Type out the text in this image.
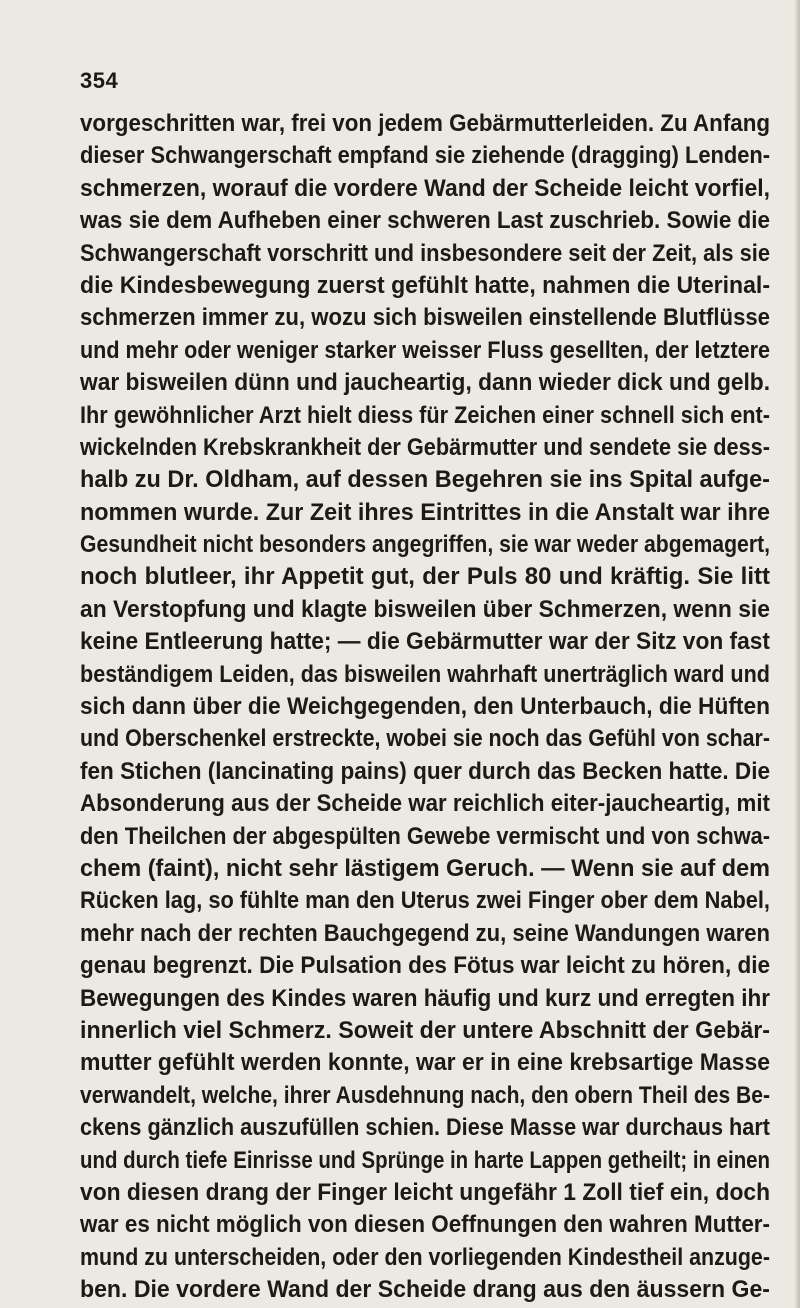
354
vorgeschritten war, frei von jedem Gebärmutterleiden. Zu Anfang
dieser Schwangerschaft empfand sie ziehende (dragging) Lenden-
schmerzen, worauf die vordere Wand der Scheide leicht vorfiel,
was sie dem Aufheben einer schweren Last zuschrieb. Sowie die
Schwangerschaft vorschritt und insbesondere seit der Zeit, als sie
die Kindesbewegung zuerst gefühlt hatte, nahmen die Uterinal-
schmerzen immer zu, wozu sich bisweilen einstellende Blutflüsse
und mehr oder weniger starker weisser Fluss gesellten, der letztere
war bisweilen dünn und jaucheartig, dann wieder dick und gelb.
Ihr gewöhnlicher Arzt hielt diess für Zeichen einer schnell sich ent-
wickelnden Krebskrankheit der Gebärmutter und sendete sie dess-
halb zu Dr. Oldham, auf dessen Begehren sie ins Spital aufge-
nommen wurde. Zur Zeit ihres Eintrittes in die Anstalt war ihre
Gesundheit nicht besonders angegriffen, sie war weder abgemagert,
noch blutleer, ihr Appetit gut, der Puls 80 und kräftig. Sie litt
an Verstopfung und klagte bisweilen über Schmerzen, wenn sie
keine Entleerung hatte; — die Gebärmutter war der Sitz von fast
beständigem Leiden, das bisweilen wahrhaft unerträglich ward und
sich dann über die Weichgegenden, den Unterbauch, die Hüften
und Oberschenkel erstreckte, wobei sie noch das Gefühl von schar-
fen Stichen (lancinating pains) quer durch das Becken hatte. Die
Absonderung aus der Scheide war reichlich eiter-jaucheartig, mit
den Theilchen der abgespülten Gewebe vermischt und von schwa-
chem (faint), nicht sehr lästigem Geruch. — Wenn sie auf dem
Rücken lag, so fühlte man den Uterus zwei Finger ober dem Nabel,
mehr nach der rechten Bauchgegend zu, seine Wandungen waren
genau begrenzt. Die Pulsation des Fötus war leicht zu hören, die
Bewegungen des Kindes waren häufig und kurz und erregten ihr
innerlich viel Schmerz. Soweit der untere Abschnitt der Gebär-
mutter gefühlt werden konnte, war er in eine krebsartige Masse
verwandelt, welche, ihrer Ausdehnung nach, den obern Theil des Be-
ckens gänzlich auszufüllen schien. Diese Masse war durchaus hart
und durch tiefe Einrisse und Sprünge in harte Lappen getheilt; in einen
von diesen drang der Finger leicht ungefähr 1 Zoll tief ein, doch
war es nicht möglich von diesen Oeffnungen den wahren Mutter-
mund zu unterscheiden, oder den vorliegenden Kindestheil anzuge-
ben. Die vordere Wand der Scheide drang aus den äussern Ge-
